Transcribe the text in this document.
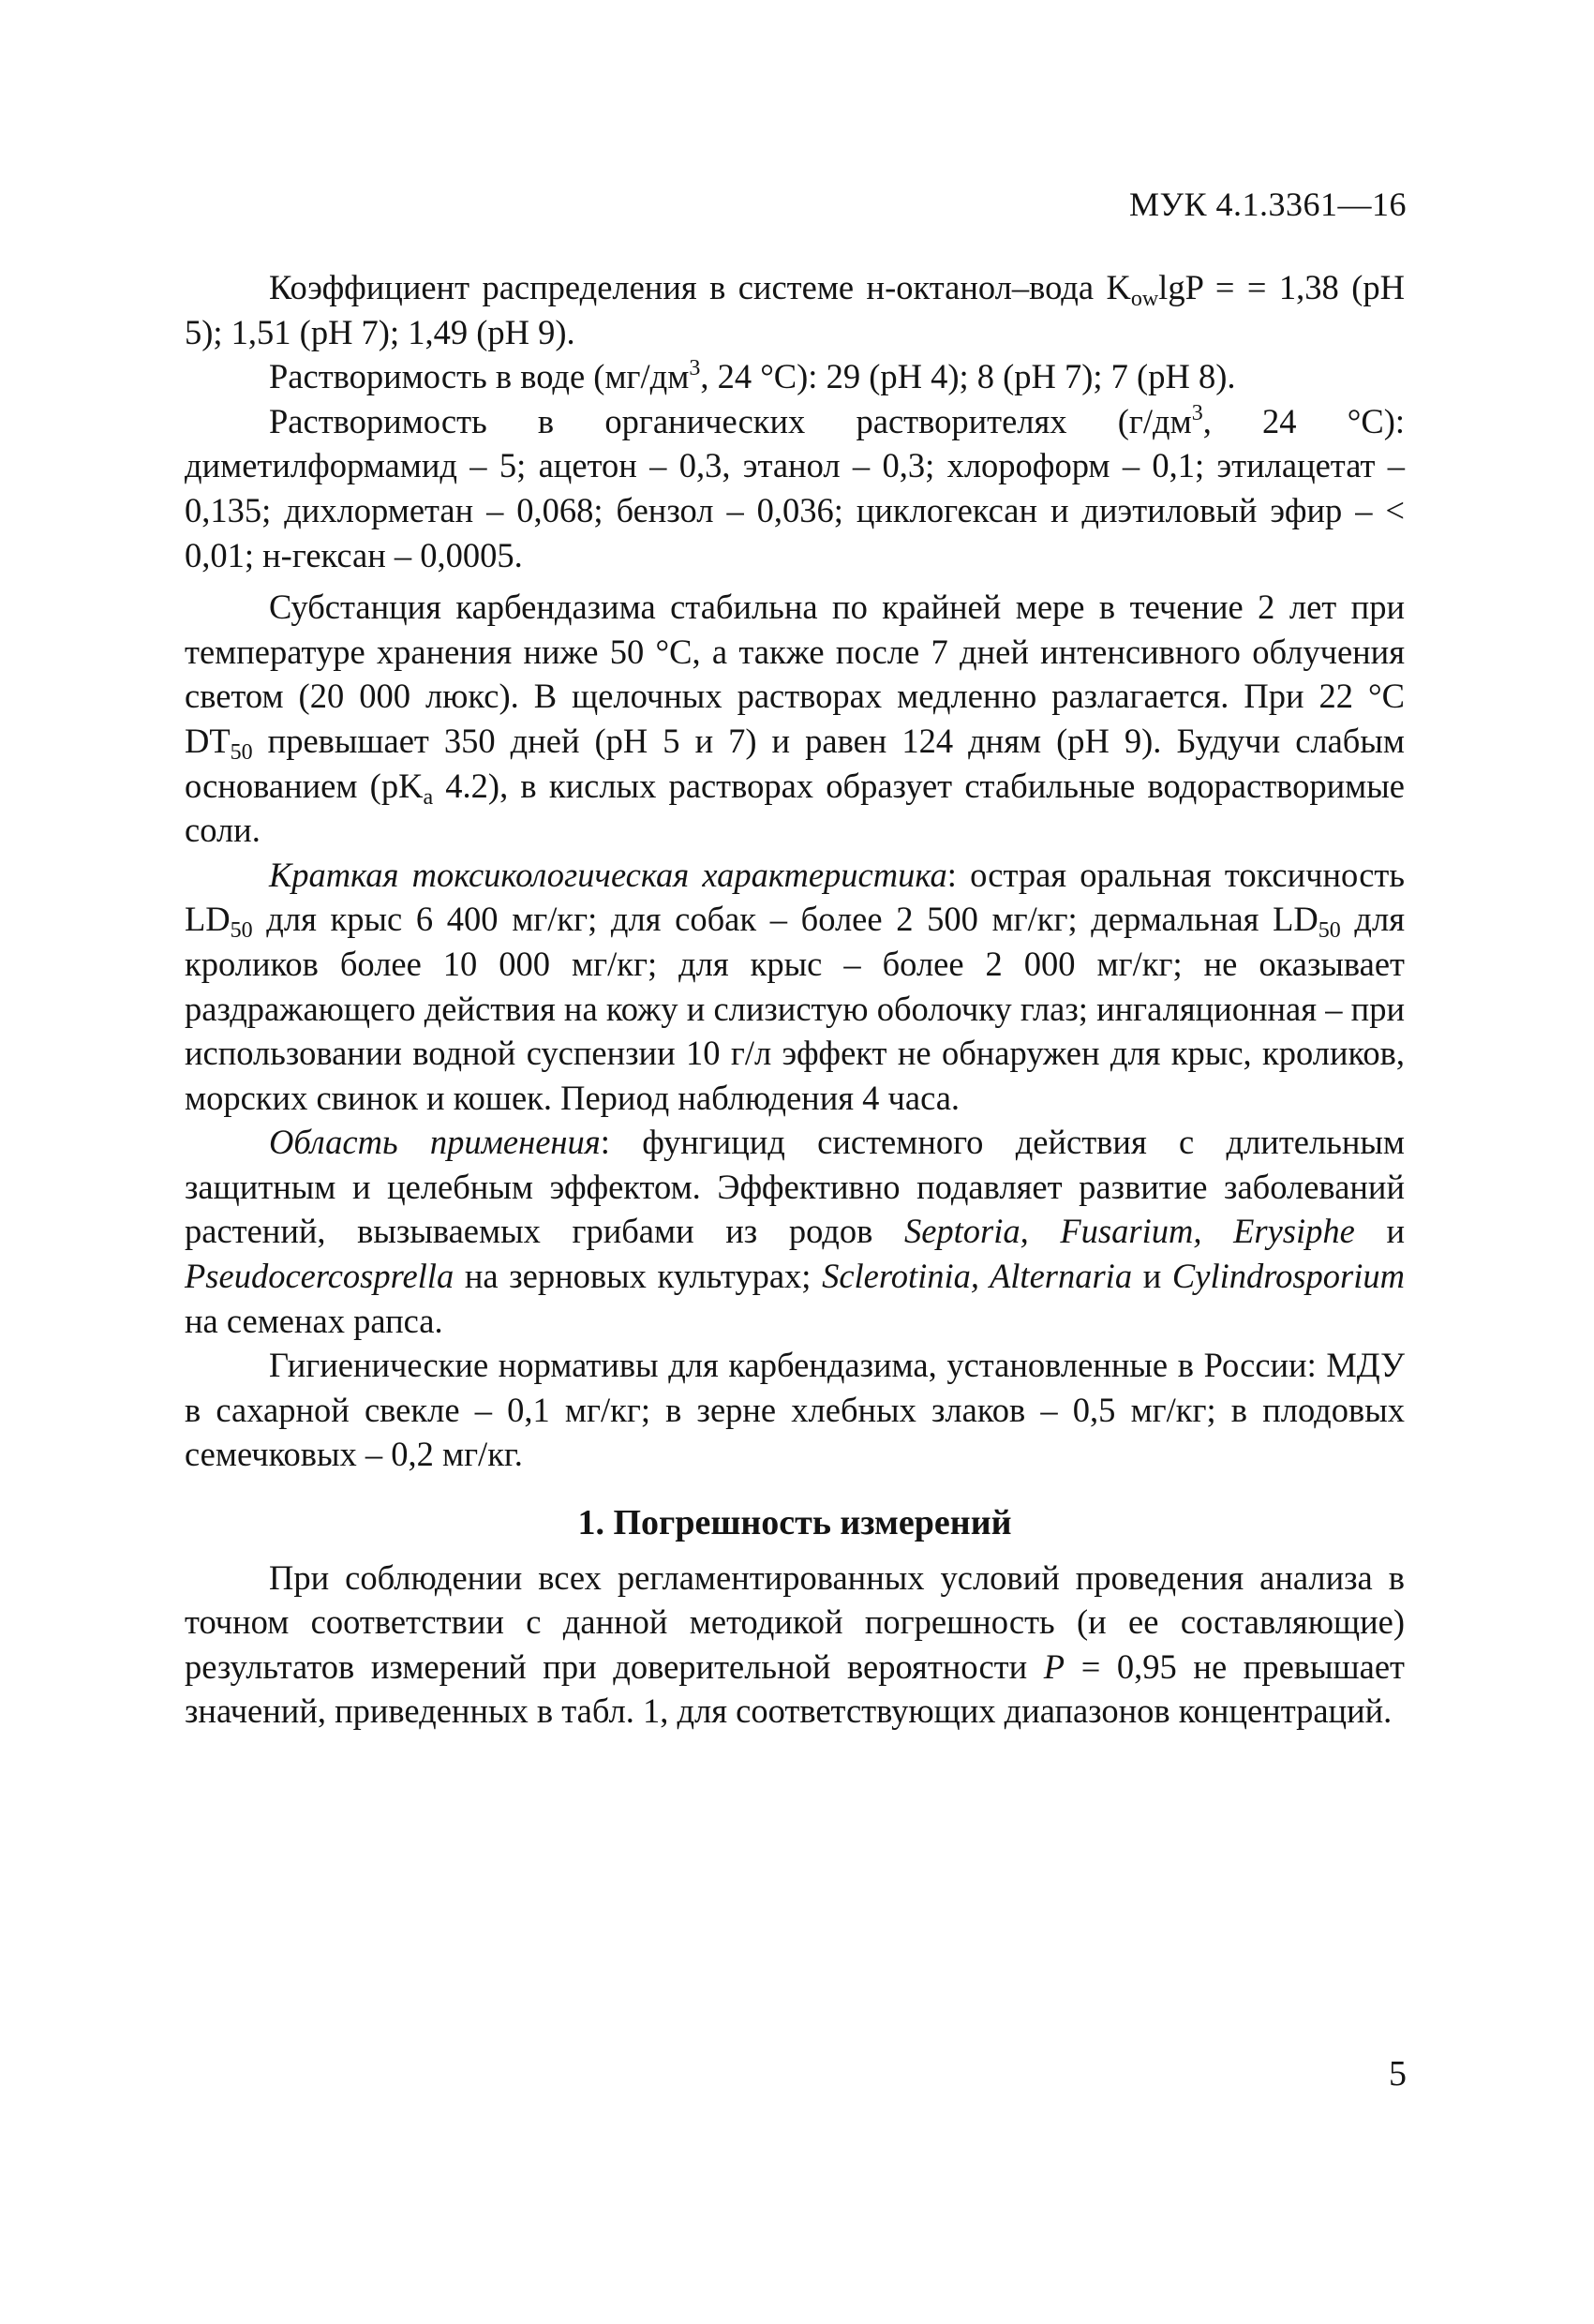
МУК 4.1.3361—16

Коэффициент распределения в системе н-октанол–вода $K_{ow}\lg P$ = = 1,38 (pH 5); 1,51 (pH 7); 1,49 (pH 9).

Растворимость в воде ($мг/дм^3$, 24 °C): 29 (pH 4); 8 (pH 7); 7 (pH 8).

Растворимость в органических растворителях ($г/дм^3$, 24 °C): диметилформамид – 5; ацетон – 0,3, этанол – 0,3; хлороформ – 0,1; этилацетат – 0,135; дихлорметан – 0,068; бензол – 0,036; циклогексан и диэтиловый эфир – < 0,01; н-гексан – 0,0005.

Субстанция карбендазима стабильна по крайней мере в течение 2 лет при температуре хранения ниже 50 °C, а также после 7 дней интенсивного облучения светом (20 000 люкс). В щелочных растворах медленно разлагается. При 22 °C $DT_{50}$ превышает 350 дней (pH 5 и 7) и равен 124 дням (pH 9). Будучи слабым основанием ($pK_a$ 4.2), в кислых растворах образует стабильные водорастворимые соли.

Краткая токсикологическая характеристика: острая оральная токсичность $LD_{50}$ для крыс 6 400 мг/кг; для собак – более 2 500 мг/кг; дермальная $LD_{50}$ для кроликов более 10 000 мг/кг; для крыс – более 2 000 мг/кг; не оказывает раздражающего действия на кожу и слизистую оболочку глаз; ингаляционная – при использовании водной суспензии 10 г/л эффект не обнаружен для крыс, кроликов, морских свинок и кошек. Период наблюдения 4 часа.

Область применения: фунгицид системного действия с длительным защитным и целебным эффектом. Эффективно подавляет развитие заболеваний растений, вызываемых грибами из родов Septoria, Fusarium, Erysiphe и Pseudocercosprella на зерновых культурах; Sclerotinia, Alternaria и Cylindrosporium на семенах рапса.

Гигиенические нормативы для карбендазима, установленные в России: МДУ в сахарной свекле – 0,1 мг/кг; в зерне хлебных злаков – 0,5 мг/кг; в плодовых семечковых – 0,2 мг/кг.

1. Погрешность измерений

При соблюдении всех регламентированных условий проведения анализа в точном соответствии с данной методикой погрешность (и ее составляющие) результатов измерений при доверительной вероятности P = 0,95 не превышает значений, приведенных в табл. 1, для соответствующих диапазонов концентраций.

5
